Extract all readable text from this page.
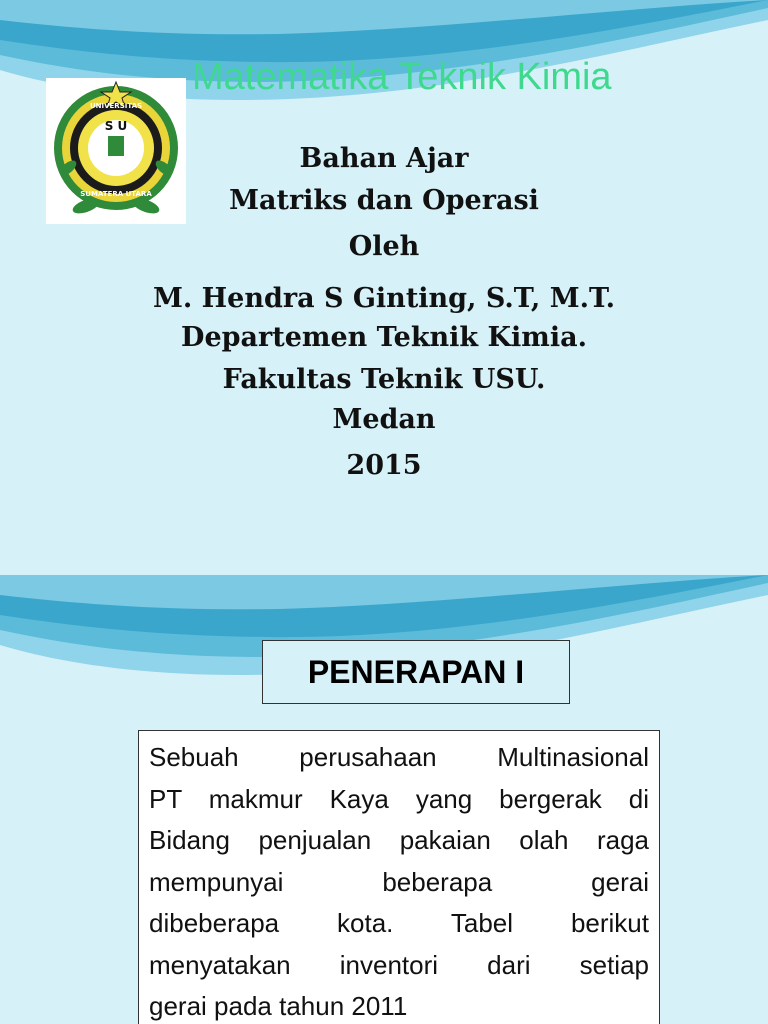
S U
UNIVERSITAS
SUMATERA UTARA
Matematika Teknik Kimia
Bahan Ajar
Matriks dan Operasi
Oleh
M. Hendra S Ginting, S.T, M.T.
Departemen Teknik Kimia.
Fakultas Teknik USU.
Medan
2015
PENERAPAN I
Sebuah perusahaan Multinasional
PT makmur Kaya yang bergerak di
Bidang penjualan pakaian olah raga
mempunyai beberapa gerai
dibeberapa kota. Tabel berikut
menyatakan inventori dari setiap
gerai pada tahun 2011
